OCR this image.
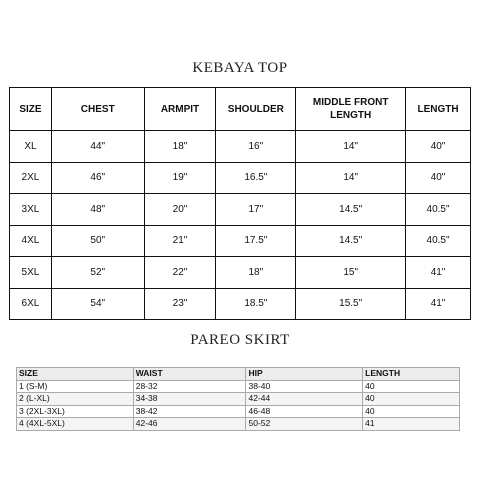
KEBAYA TOP
SIZE	CHEST	ARMPIT	SHOULDER	MIDDLE FRONT LENGTH	LENGTH
XL	44"	18"	16"	14"	40"
2XL	46"	19"	16.5"	14"	40"
3XL	48"	20"	17"	14.5"	40.5"
4XL	50"	21"	17.5"	14.5"	40.5"
5XL	52"	22"	18"	15"	41"
6XL	54"	23"	18.5"	15.5"	41"
PAREO SKIRT
SIZE	WAIST	HIP	LENGTH
1 (S-M)	28-32	38-40	40
2 (L-XL)	34-38	42-44	40
3 (2XL-3XL)	38-42	46-48	40
4 (4XL-5XL)	42-46	50-52	41
